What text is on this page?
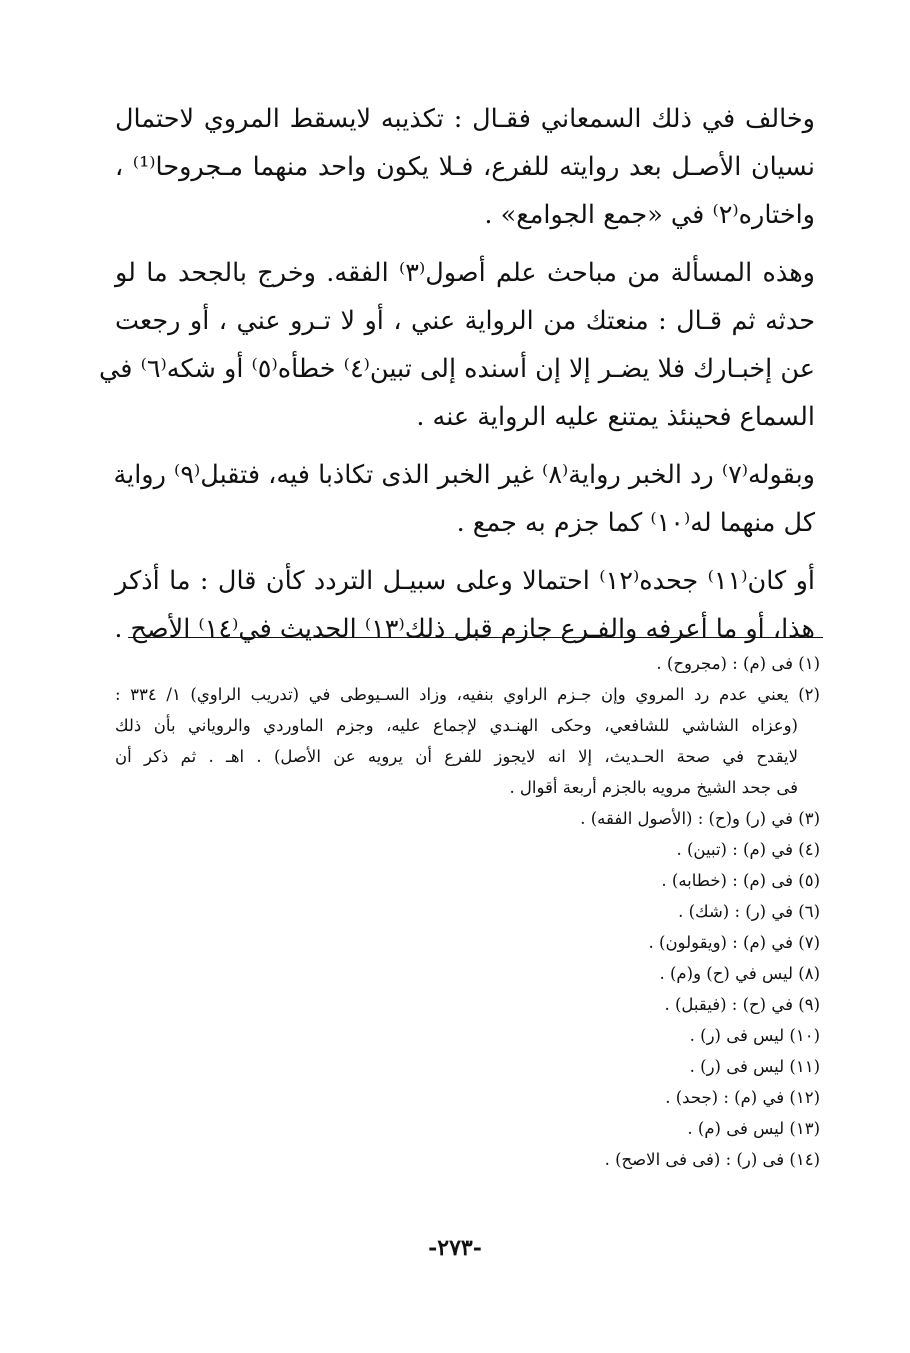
وخالف في ذلك السمعاني فقـال : تكذيبه لايسقط المروي لاحتمال
نسيان الأصـل بعد روايته للفرع، فـلا يكون واحد منهما مـجروحا⁽¹⁾ ،
واختاره⁽٢⁾ في «جمع الجوامع» .
وهذه المسألة من مباحث علم أصول⁽٣⁾ الفقه. وخرج بالجحد ما لو
حدثه ثم قـال : منعتك من الرواية عني ، أو لا تـرو عني ، أو رجعت
عن إخبـارك فلا يضـر إلا إن أسنده إلى تبين⁽٤⁾ خطأه⁽٥⁾ أو شكه⁽٦⁾ في
السماع فحينئذ يمتنع عليه الرواية عنه .
وبقوله⁽٧⁾ رد الخبر رواية⁽٨⁾ غير الخبر الذى تكاذبا فيه، فتقبل⁽٩⁾ رواية
كل منهما له⁽١٠⁾ كما جزم به جمع .
أو كان⁽١١⁾ جحده⁽١٢⁾ احتمالا وعلى سبيـل التردد كأن قال : ما أذكر
هذا، أو ما أعرفه والفـرع جازم قبل ذلك⁽١٣⁾ الحديث في⁽١٤⁾ الأصح .
(١) فى (م) : (مجروح) .
(٢) يعني عدم رد المروي وإن جـزم الراوي بنفيه، وزاد السـيوطى في (تدريب الراوي) ١/ ٣٣٤ :
(وعزاه الشاشي للشافعي، وحكى الهنـدي لإجماع عليه، وجزم الماوردي والروياني بأن ذلك
لايقدح في صحة الحـديث، إلا انه لايجوز للفرع أن يرويه عن الأصل) . اهـ . ثم ذكر أن
فى جحد الشيخ مرويه بالجزم أربعة أقوال .
(٣) في (ر) و(ح) : (الأصول الفقه) .
(٤) في (م) : (تبين) .
(٥) فى (م) : (خطابه) .
(٦) في (ر) : (شك) .
(٧) في (م) : (ويقولون) .
(٨) ليس في (ح) و(م) .
(٩) في (ح) : (فيقبل) .
(١٠) ليس فى (ر) .
(١١) ليس فى (ر) .
(١٢) في (م) : (جحد) .
(١٣) ليس فى (م) .
(١٤) فى (ر) : (فى فى الاصح) .
-٢٧٣-
